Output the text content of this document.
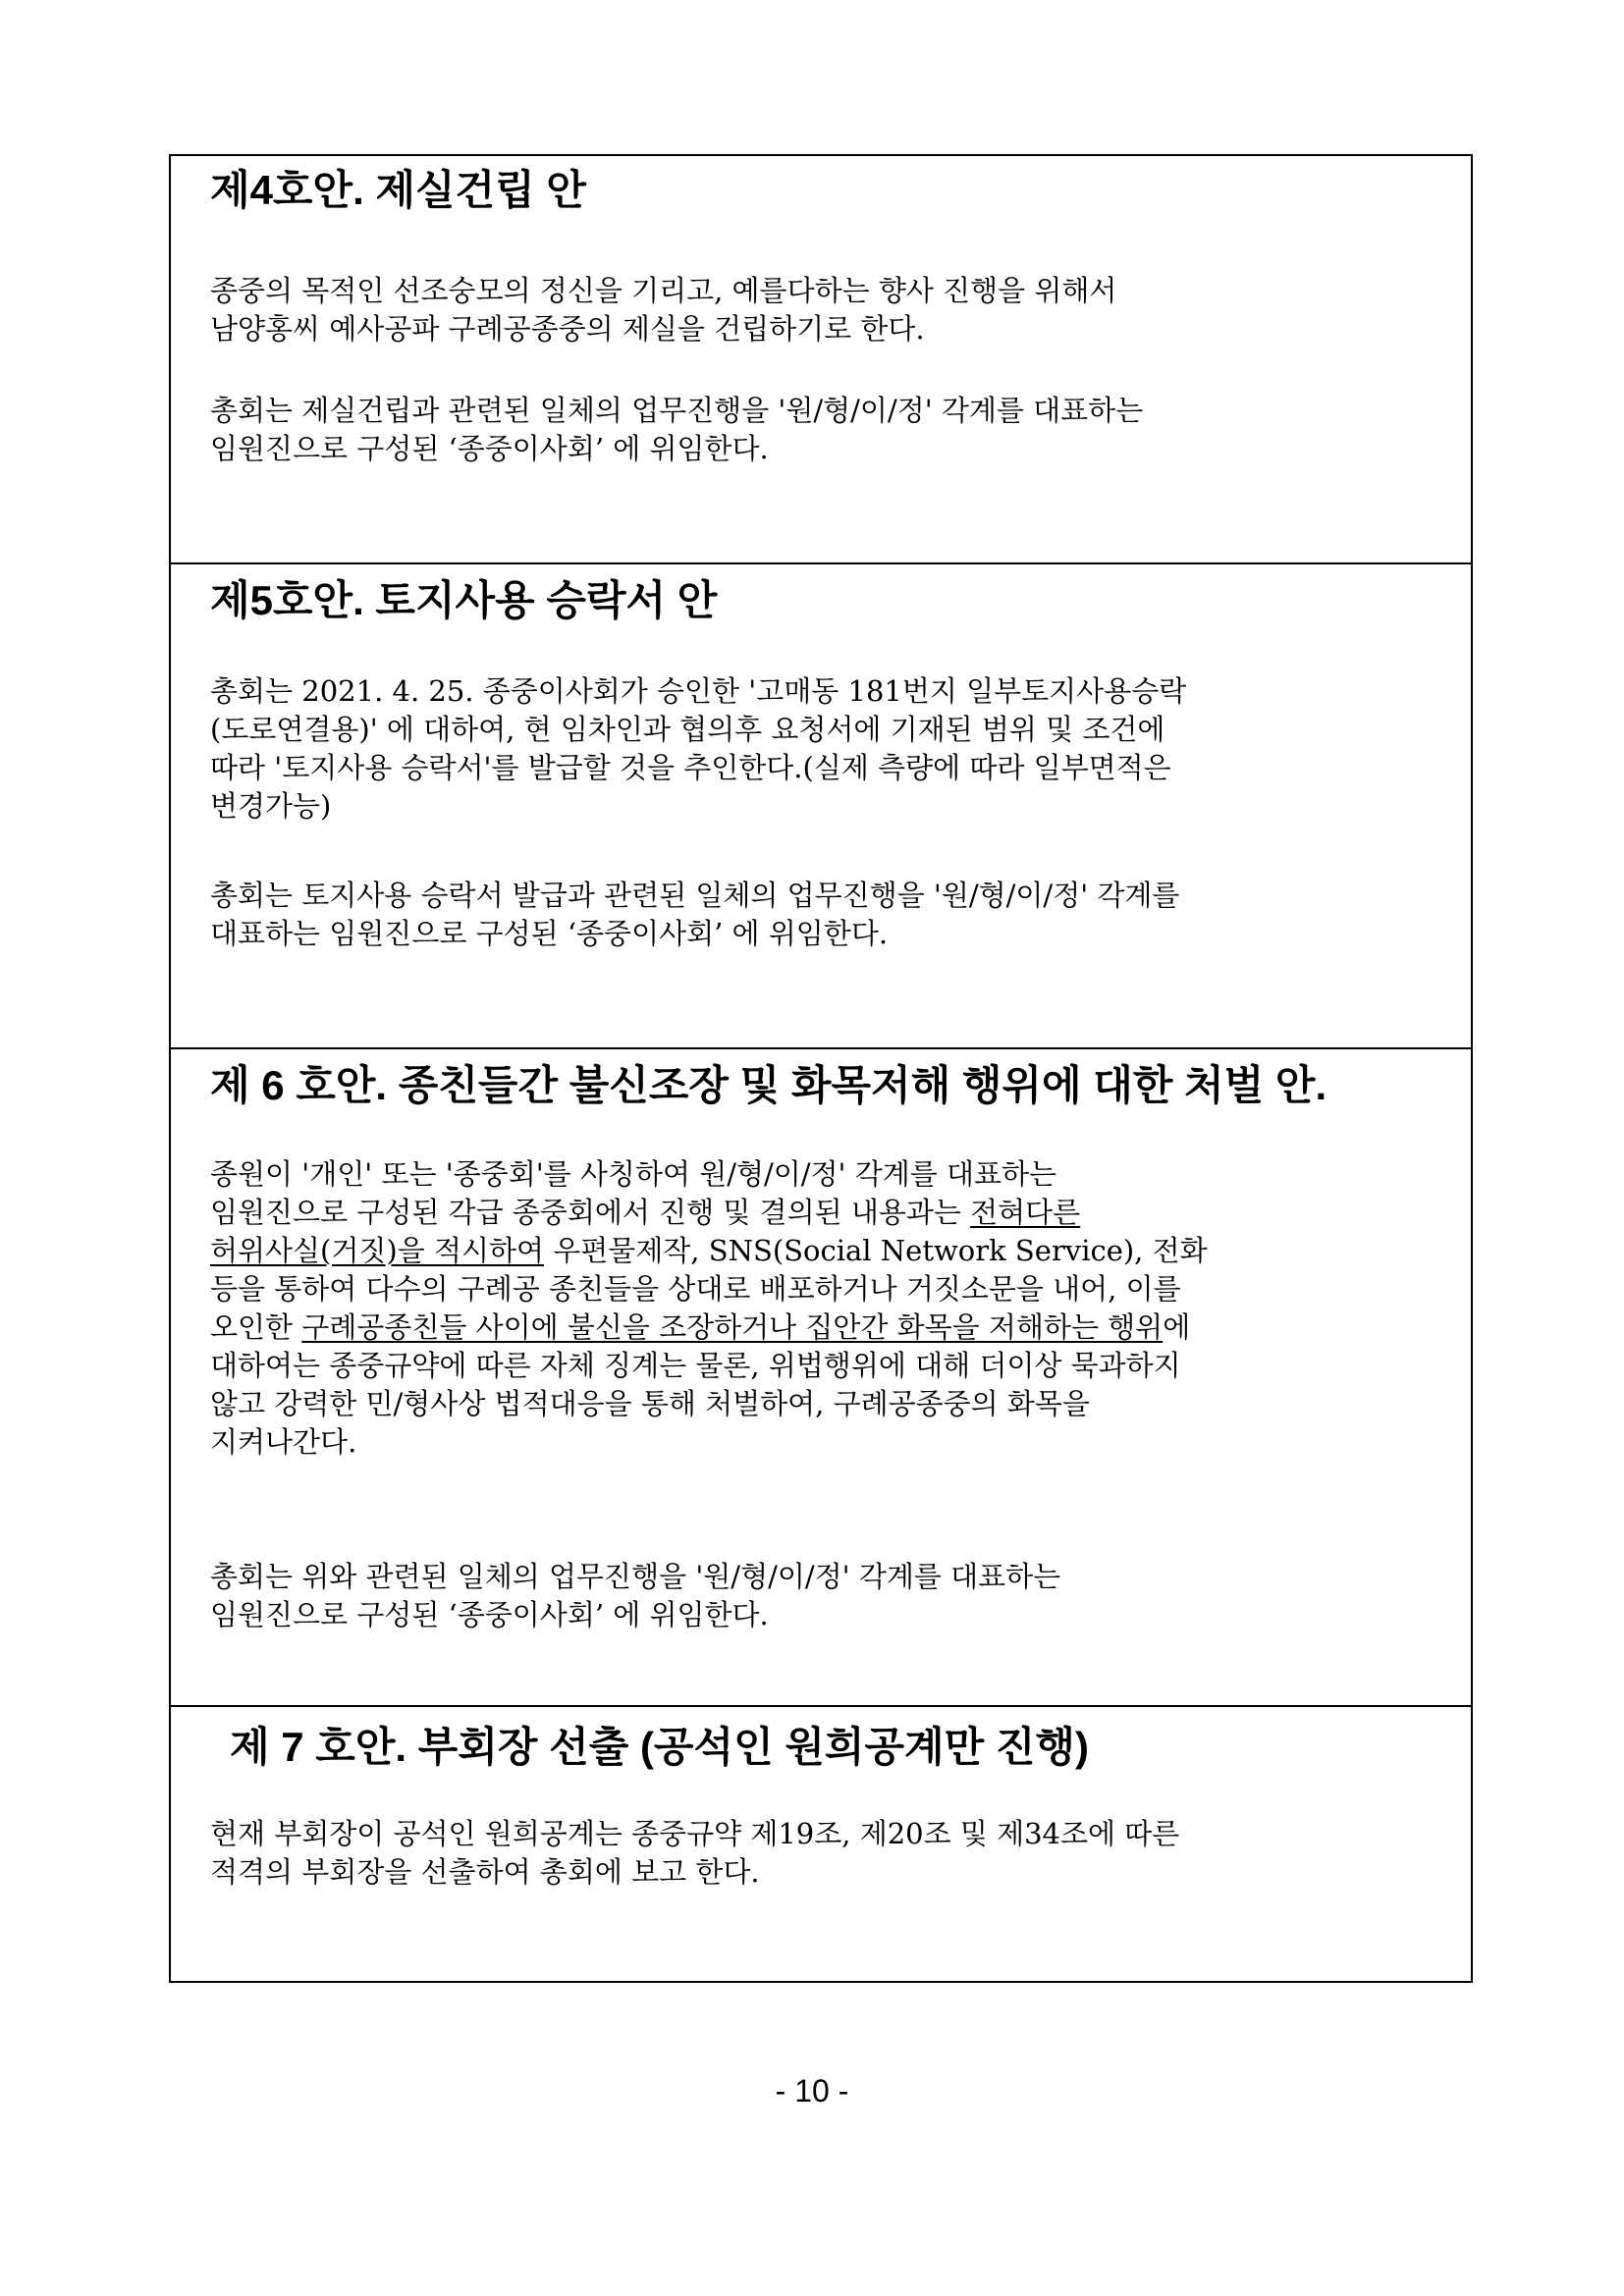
제4호안. 제실건립 안

종중의 목적인 선조숭모의 정신을 기리고, 예를다하는 향사 진행을 위해서
남양홍씨 예사공파 구례공종중의 제실을 건립하기로 한다.

총회는 제실건립과 관련된 일체의 업무진행을 '원/형/이/정' 각계를 대표하는
임원진으로 구성된 ‘종중이사회’ 에 위임한다.

제5호안. 토지사용 승락서 안

총회는 2021. 4. 25. 종중이사회가 승인한 '고매동 181번지 일부토지사용승락
(도로연결용)' 에 대하여, 현 임차인과 협의후 요청서에 기재된 범위 및 조건에
따라 '토지사용 승락서'를 발급할 것을 추인한다.(실제 측량에 따라 일부면적은
변경가능)

총회는 토지사용 승락서 발급과 관련된 일체의 업무진행을 '원/형/이/정' 각계를
대표하는 임원진으로 구성된 ‘종중이사회’ 에 위임한다.

제 6 호안. 종친들간 불신조장 및 화목저해 행위에 대한 처벌 안.

종원이 '개인' 또는 '종중회'를 사칭하여 원/형/이/정' 각계를 대표하는
임원진으로 구성된 각급 종중회에서 진행 및 결의된 내용과는 전혀다른
허위사실(거짓)을 적시하여 우편물제작, SNS(Social Network Service), 전화
등을 통하여 다수의 구례공 종친들을 상대로 배포하거나 거짓소문을 내어, 이를
오인한 구례공종친들 사이에 불신을 조장하거나 집안간 화목을 저해하는 행위에
대하여는 종중규약에 따른 자체 징계는 물론, 위법행위에 대해 더이상 묵과하지
않고 강력한 민/형사상 법적대응을 통해 처벌하여, 구례공종중의 화목을
지켜나간다.

총회는 위와 관련된 일체의 업무진행을 '원/형/이/정' 각계를 대표하는
임원진으로 구성된 ‘종중이사회’ 에 위임한다.

제 7 호안. 부회장 선출 (공석인 원희공계만 진행)

현재 부회장이 공석인 원희공계는 종중규약 제19조, 제20조 및 제34조에 따른
적격의 부회장을 선출하여 총회에 보고 한다.

- 10 -
